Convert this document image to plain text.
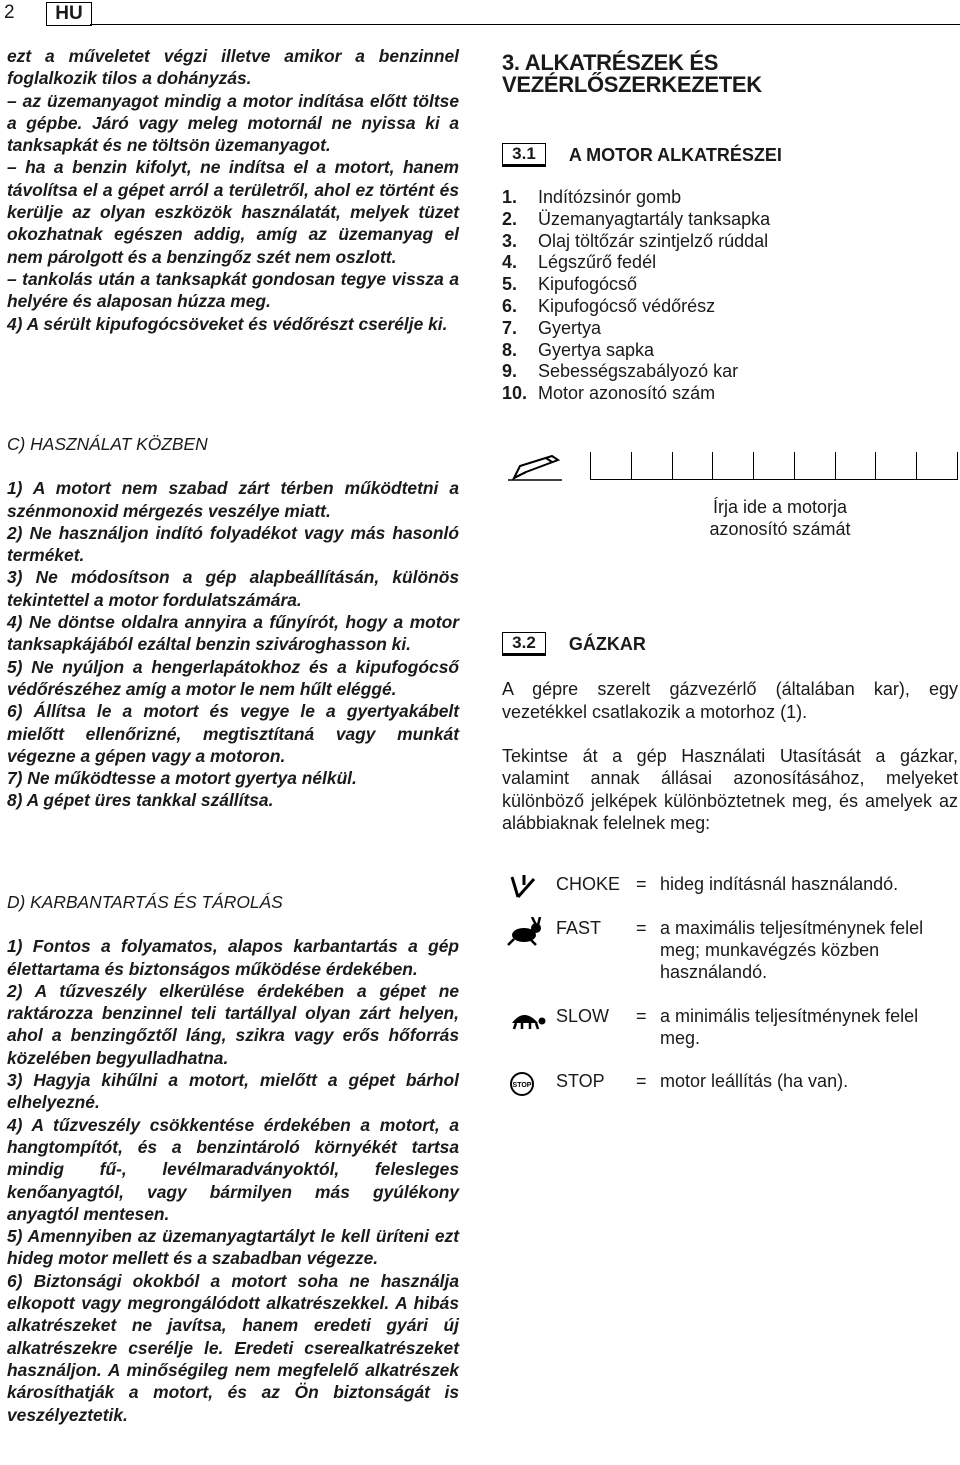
2	HU

ezt a műveletet végzi illetve amikor a benzinnel foglalkozik tilos a dohányzás.

– az üzemanyagot mindig a motor indítása előtt töltse a gépbe. Járó vagy meleg motornál ne nyissa ki a tanksapkát és ne töltsön üzemanyagot.

– ha a benzin kifolyt, ne indítsa el a motort, hanem távolítsa el a gépet arról a területről, ahol ez történt és kerülje az olyan eszközök használatát, melyek tüzet okozhatnak egészen addig, amíg az üzemanyag el nem párolgott és a benzingőz szét nem oszlott.

– tankolás után a tanksapkát gondosan tegye vissza a helyére és alaposan húzza meg.

4) A sérült kipufogócsöveket és védőrészt cserélje ki.

C) HASZNÁLAT KÖZBEN

1) A motort nem szabad zárt térben működtetni a szénmonoxid mérgezés veszélye miatt.

2) Ne használjon indító folyadékot vagy más hasonló terméket.

3) Ne módosítson a gép alapbeállításán, különös tekintettel a motor fordulatszámára.

4) Ne döntse oldalra annyira a fűnyírót, hogy a motor tanksapkájából ezáltal benzin szivároghasson ki.

5) Ne nyúljon a hengerlapátokhoz és a kipufogócső védőrészéhez amíg a motor le nem hűlt eléggé.

6) Állítsa le a motort és vegye le a gyertyakábelt mielőtt ellenőrizné, megtisztítaná vagy munkát végezne a gépen vagy a motoron.

7) Ne működtesse a motort gyertya nélkül.

8) A gépet üres tankkal szállítsa.

D) KARBANTARTÁS ÉS TÁROLÁS

1) Fontos a folyamatos, alapos karbantartás a gép élettartama és biztonságos működése érdekében.

2) A tűzveszély elkerülése érdekében a gépet ne raktározza benzinnel teli tartállyal olyan zárt helyen, ahol a benzingőztől láng, szikra vagy erős hőforrás közelében begyulladhatna.

3) Hagyja kihűlni a motort, mielőtt a gépet bárhol elhelyezné.

4) A tűzveszély csökkentése érdekében a motort, a hangtompítót, és a benzintároló környékét tartsa mindig fű-, levélmaradványoktól, felesleges kenőanyagtól, vagy bármilyen más gyúlékony anyagtól mentesen.

5) Amennyiben az üzemanyagtartályt le kell üríteni ezt hideg motor mellett és a szabadban végezze.

6) Biztonsági okokból a motort soha ne használja elkopott vagy megrongálódott alkatrészekkel. A hibás alkatrészeket ne javítsa, hanem eredeti gyári új alkatrészekre cserélje le. Eredeti cserealkatrészeket használjon. A minőségileg nem megfelelő alkatrészek károsíthatják a motort, és az Ön biztonságát is veszélyeztetik.

3. ALKATRÉSZEK ÉS VEZÉRLŐSZERKEZETEK

3.1 A MOTOR ALKATRÉSZEI
1.	Indítózsinór gomb
2.	Üzemanyagtartály tanksapka
3.	Olaj töltőzár szintjelző rúddal
4.	Légszűrő fedél
5.	Kipufogócső
6.	Kipufogócső védőrész
7.	Gyertya
8.	Gyertya sapka
9.	Sebességszabályozó kar
10. Motor azonosító szám
Írja ide a motorja
azonosító számát
3.2 GÁZKAR

A gépre szerelt gázvezérlő (általában kar), egy vezetékkel csatlakozik a motorhoz (1).

Tekintse át a gép Használati Utasítását a gázkar, valamint annak állásai azonosításához, melyeket különböző jelképek különböztetnek meg, és amelyek az alábbiaknak felelnek meg:

CHOKE = hideg indításnál használandó.
FAST = a maximális teljesítménynek felel meg; munkavégzés közben használandó.
SLOW = a minimális teljesítménynek felel meg.
STOP STOP = motor leállítás (ha van).
